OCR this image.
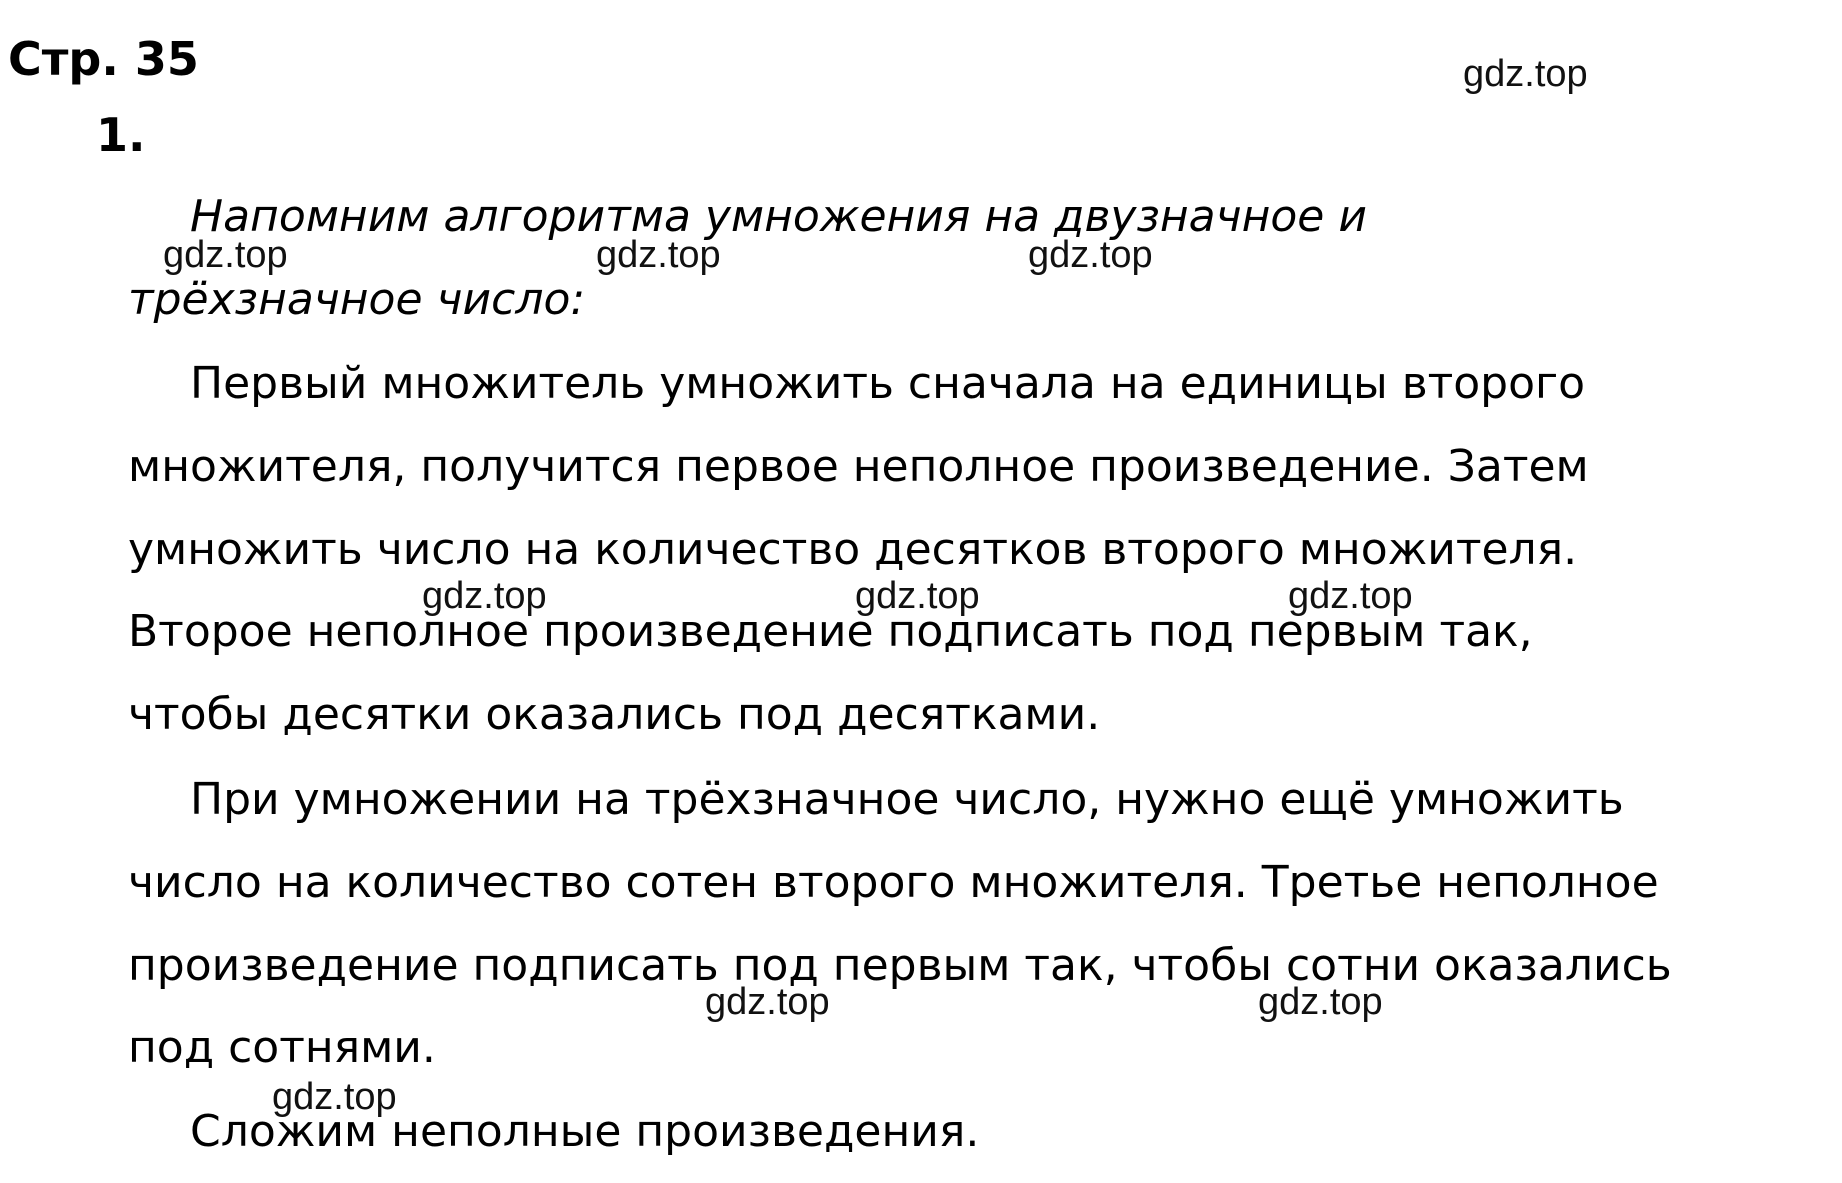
Стр. 35
1.
Напомним алгоритма умножения на двузначное и
трёхзначное число:
Первый множитель умножить сначала на единицы второго
множителя, получится первое неполное произведение. Затем
умножить число на количество десятков второго множителя.
Второе неполное произведение подписать под первым так,
чтобы десятки оказались под десятками.
При умножении на трёхзначное число, нужно ещё умножить
число на количество сотен второго множителя. Третье неполное
произведение подписать под первым так, чтобы сотни оказались
под сотнями.
Сложим неполные произведения.
gdz.top
gdz.top	gdz.top	gdz.top
gdz.top	gdz.top	gdz.top
gdz.top	gdz.top
gdz.top
